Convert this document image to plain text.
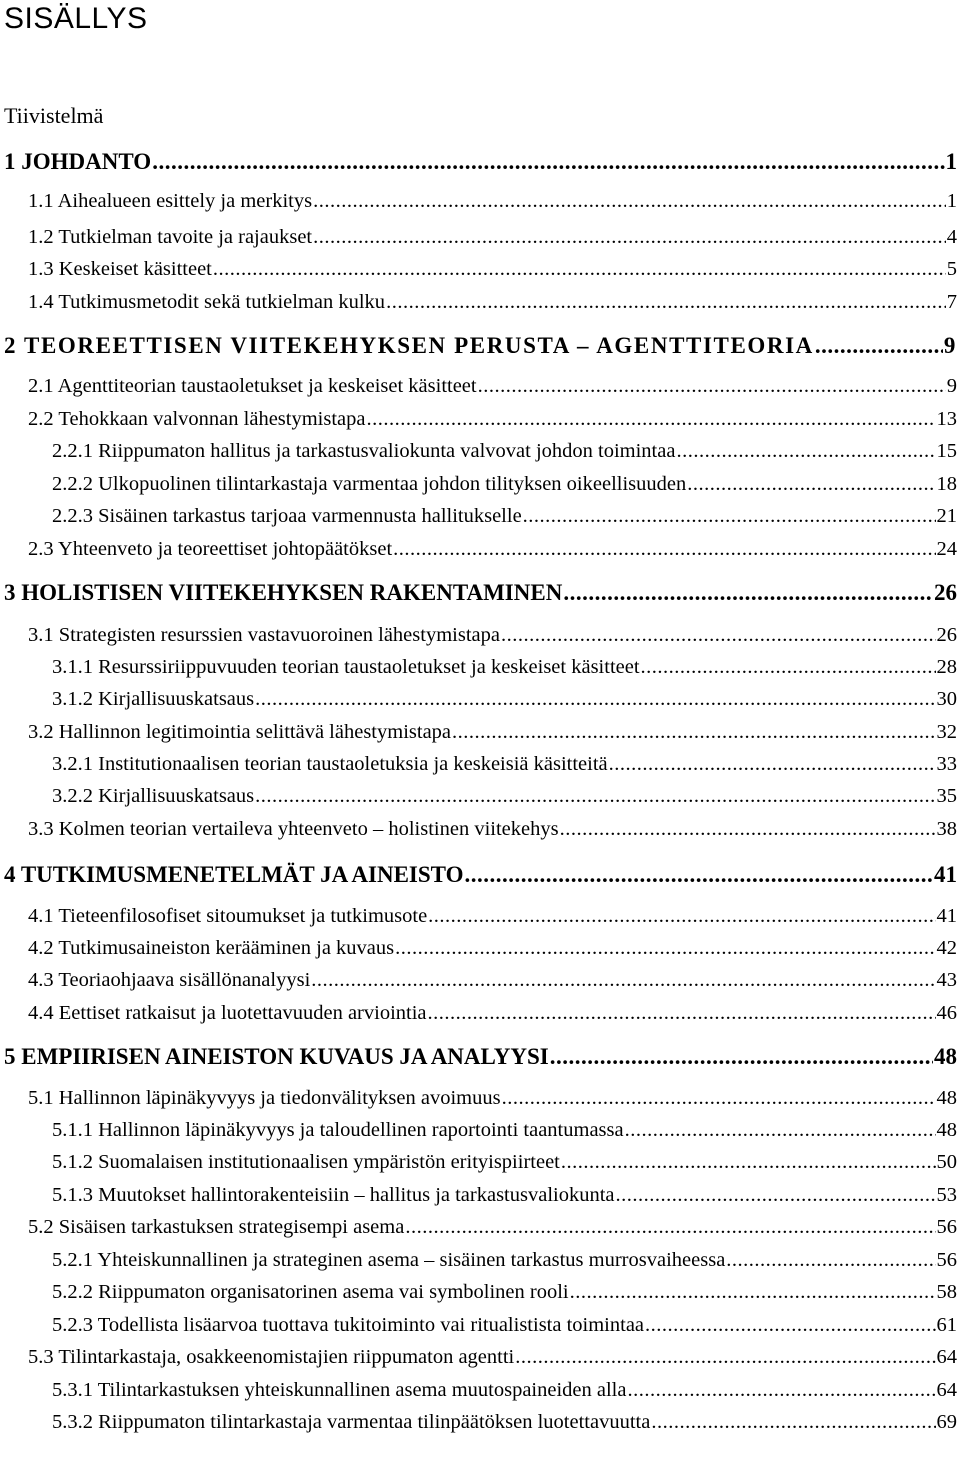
SISÄLLYS
Tiivistelmä
1 JOHDANTO .....	1
1.1 Aihealueen esittely ja merkitys .....	1
1.2 Tutkielman tavoite ja rajaukset .....	4
1.3 Keskeiset käsitteet .....	5
1.4 Tutkimusmetodit sekä tutkielman kulku .....	7
2 TEOREETTISEN VIITEKEHYKSEN PERUSTA – AGENTTITEORIA .....	9
2.1 Agenttiteorian taustaoletukset ja keskeiset käsitteet .....	9
2.2 Tehokkaan valvonnan lähestymistapa .....	13
2.2.1 Riippumaton hallitus ja tarkastusvaliokunta valvovat johdon toimintaa .....	15
2.2.2 Ulkopuolinen tilintarkastaja varmentaa johdon tilityksen oikeellisuuden .....	18
2.2.3 Sisäinen tarkastus tarjoaa varmennusta hallitukselle .....	21
2.3 Yhteenveto ja teoreettiset johtopäätökset .....	24
3 HOLISTISEN VIITEKEHYKSEN RAKENTAMINEN .....	26
3.1 Strategisten resurssien vastavuoroinen lähestymistapa .....	26
3.1.1 Resurssiriippuvuuden teorian taustaoletukset ja keskeiset käsitteet .....	28
3.1.2 Kirjallisuuskatsaus .....	30
3.2 Hallinnon legitimointia selittävä lähestymistapa .....	32
3.2.1 Institutionaalisen teorian taustaoletuksia ja keskeisiä käsitteitä .....	33
3.2.2 Kirjallisuuskatsaus .....	35
3.3 Kolmen teorian vertaileva yhteenveto – holistinen viitekehys .....	38
4 TUTKIMUSMENETELMÄT JA AINEISTO .....	41
4.1 Tieteenfilosofiset sitoumukset ja tutkimusote .....	41
4.2 Tutkimusaineiston kerääminen ja kuvaus .....	42
4.3 Teoriaohjaava sisällönanalyysi .....	43
4.4 Eettiset ratkaisut ja luotettavuuden arviointia .....	46
5 EMPIIRISEN AINEISTON KUVAUS JA ANALYYSI .....	48
5.1 Hallinnon läpinäkyvyys ja tiedonvälityksen avoimuus .....	48
5.1.1 Hallinnon läpinäkyvyys ja taloudellinen raportointi taantumassa .....	48
5.1.2 Suomalaisen institutionaalisen ympäristön erityispiirteet .....	50
5.1.3 Muutokset hallintorakenteisiin – hallitus ja tarkastusvaliokunta .....	53
5.2 Sisäisen tarkastuksen strategisempi asema .....	56
5.2.1 Yhteiskunnallinen ja strateginen asema – sisäinen tarkastus murrosvaiheessa .....	56
5.2.2 Riippumaton organisatorinen asema vai symbolinen rooli .....	58
5.2.3 Todellista lisäarvoa tuottava tukitoiminto vai ritualistista toimintaa .....	61
5.3 Tilintarkastaja, osakkeenomistajien riippumaton agentti .....	64
5.3.1 Tilintarkastuksen yhteiskunnallinen asema muutospaineiden alla .....	64
5.3.2 Riippumaton tilintarkastaja varmentaa tilinpäätöksen luotettavuutta .....	69
